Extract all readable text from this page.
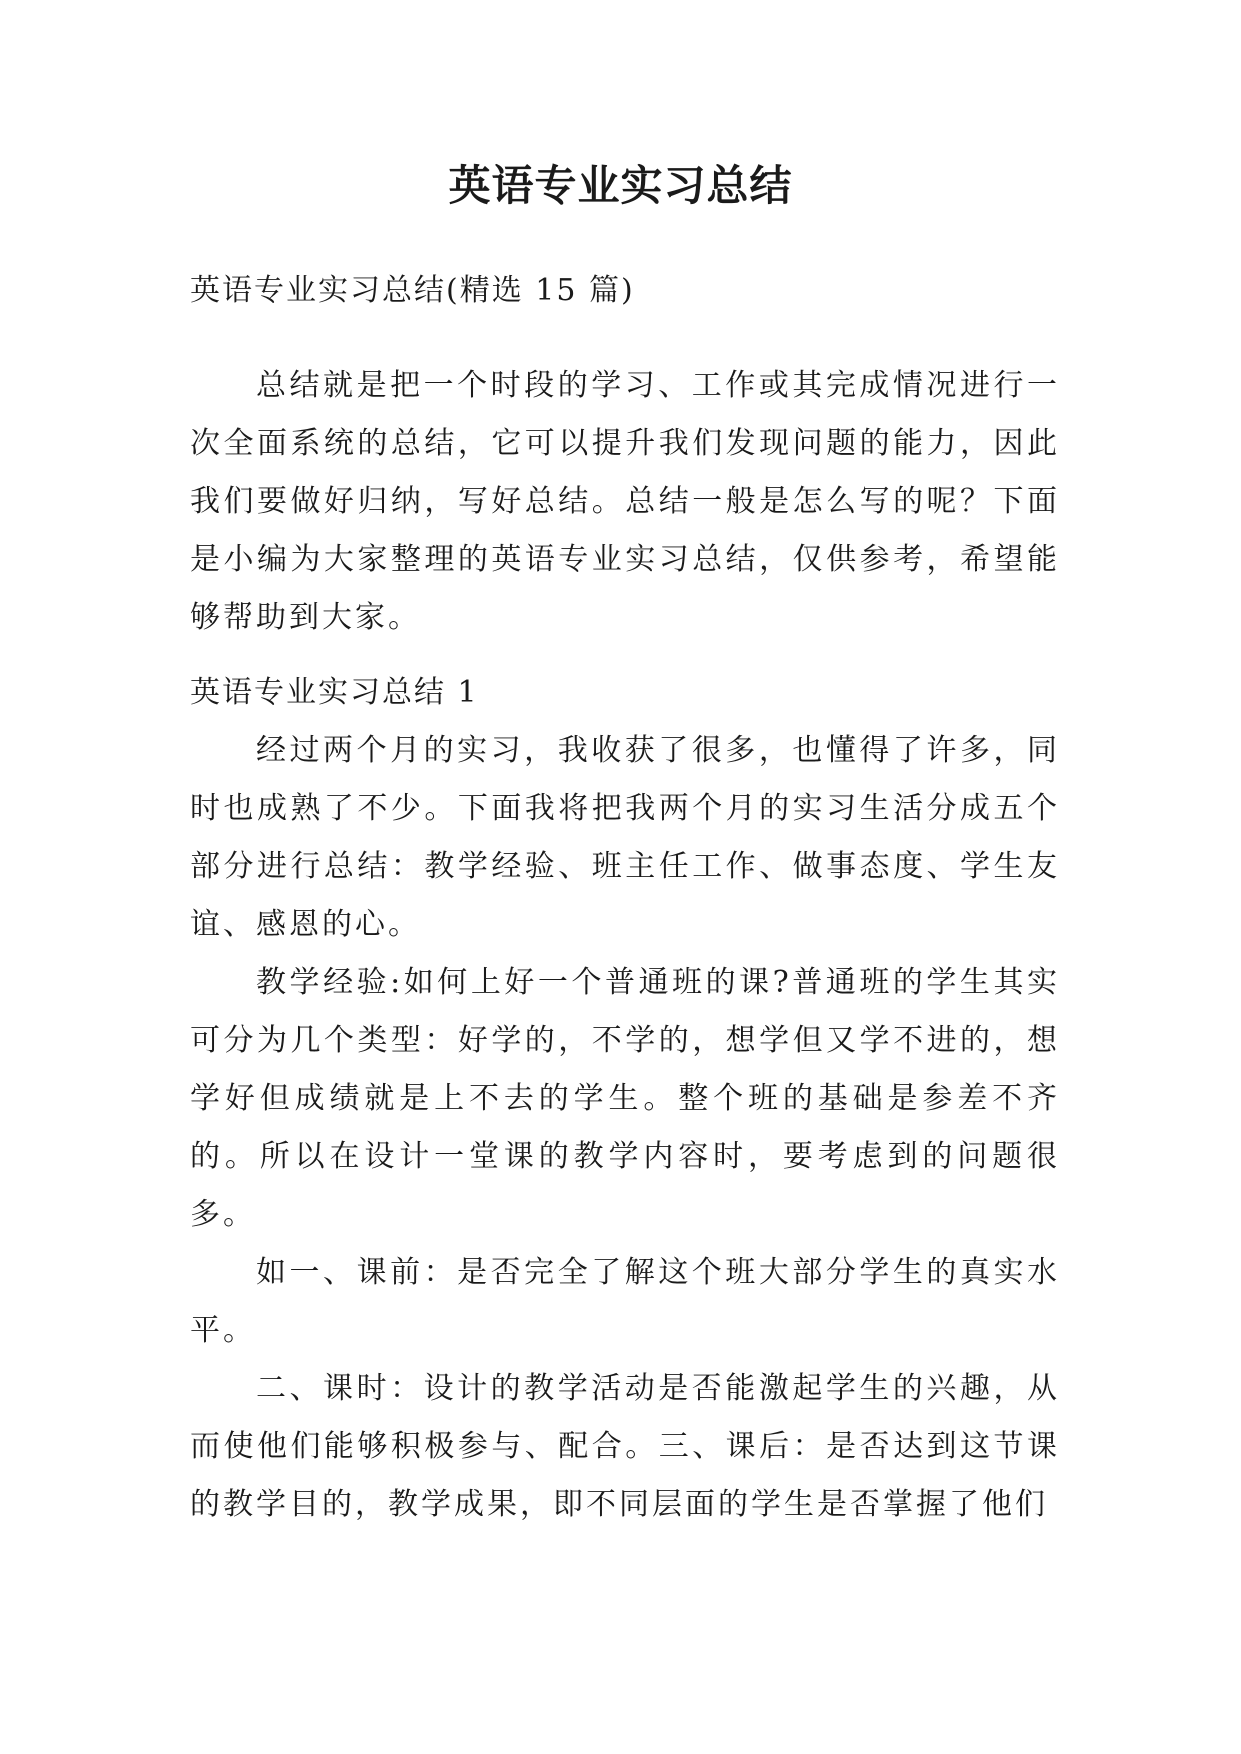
英语专业实习总结

英语专业实习总结(精选 15 篇)

总结就是把一个时段的学习、工作或其完成情况进行一次全面系统的总结，它可以提升我们发现问题的能力，因此我们要做好归纳，写好总结。总结一般是怎么写的呢？下面是小编为大家整理的英语专业实习总结，仅供参考，希望能够帮助到大家。

英语专业实习总结 1

经过两个月的实习，我收获了很多，也懂得了许多，同时也成熟了不少。下面我将把我两个月的实习生活分成五个部分进行总结：教学经验、班主任工作、做事态度、学生友谊、感恩的心。

教学经验:如何上好一个普通班的课?普通班的学生其实可分为几个类型：好学的，不学的，想学但又学不进的，想学好但成绩就是上不去的学生。整个班的基础是参差不齐的。所以在设计一堂课的教学内容时，要考虑到的问题很多。

如一、课前：是否完全了解这个班大部分学生的真实水平。

二、课时：设计的教学活动是否能激起学生的兴趣，从而使他们能够积极参与、配合。三、课后：是否达到这节课的教学目的，教学成果，即不同层面的学生是否掌握了他们
